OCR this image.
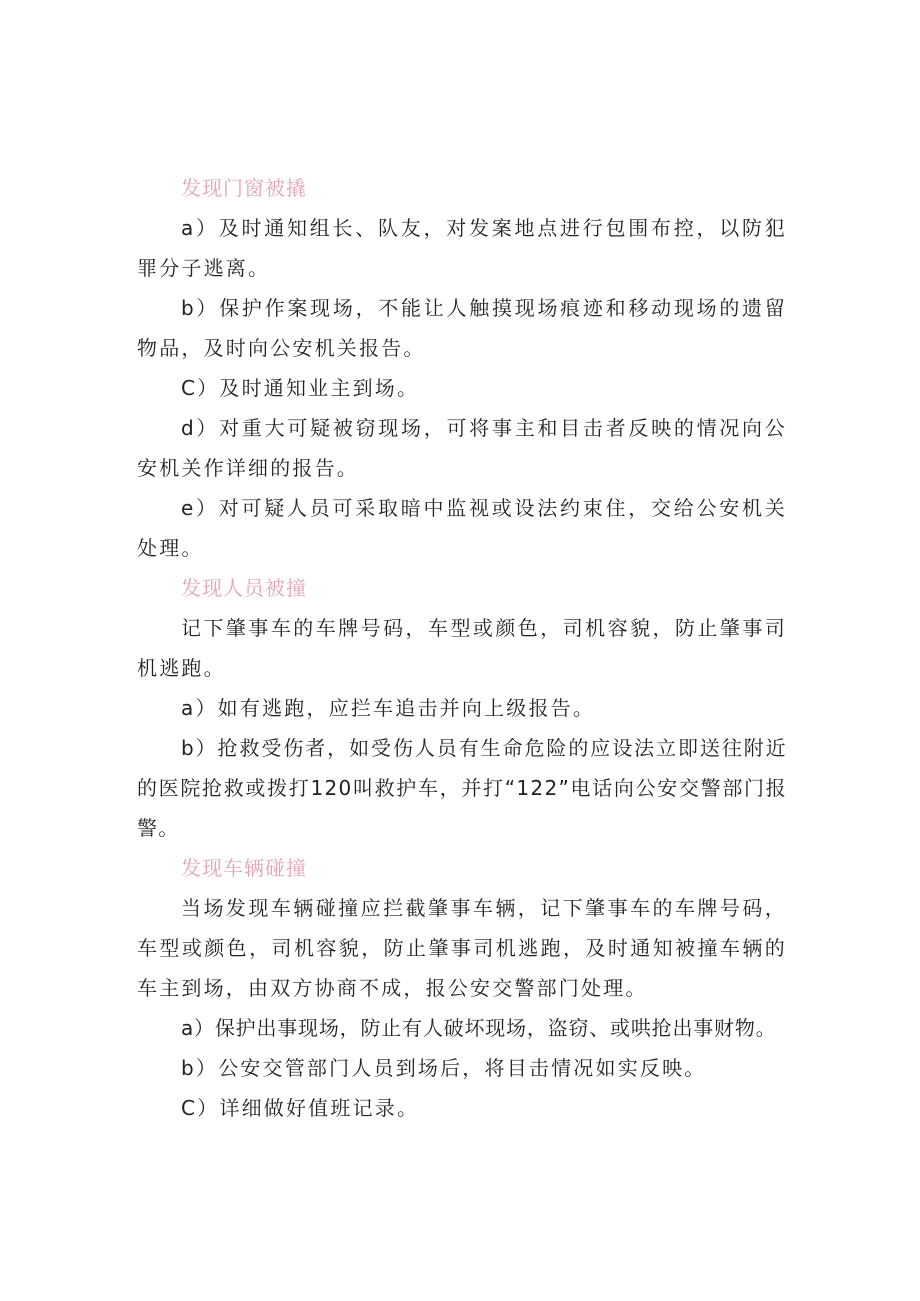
发现门窗被撬

a）及时通知组长、队友，对发案地点进行包围布控，以防犯罪分子逃离。

b）保护作案现场，不能让人触摸现场痕迹和移动现场的遗留物品，及时向公安机关报告。

C）及时通知业主到场。

d）对重大可疑被窃现场，可将事主和目击者反映的情况向公安机关作详细的报告。

e）对可疑人员可采取暗中监视或设法约束住，交给公安机关处理。

发现人员被撞

记下肇事车的车牌号码，车型或颜色，司机容貌，防止肇事司机逃跑。

a）如有逃跑，应拦车追击并向上级报告。

b）抢救受伤者，如受伤人员有生命危险的应设法立即送往附近的医院抢救或拨打120叫救护车，并打“122”电话向公安交警部门报警。

发现车辆碰撞

当场发现车辆碰撞应拦截肇事车辆，记下肇事车的车牌号码，车型或颜色，司机容貌，防止肇事司机逃跑，及时通知被撞车辆的车主到场，由双方协商不成，报公安交警部门处理。

a）保护出事现场，防止有人破坏现场，盗窃、或哄抢出事财物。

b）公安交管部门人员到场后，将目击情况如实反映。

C）详细做好值班记录。
